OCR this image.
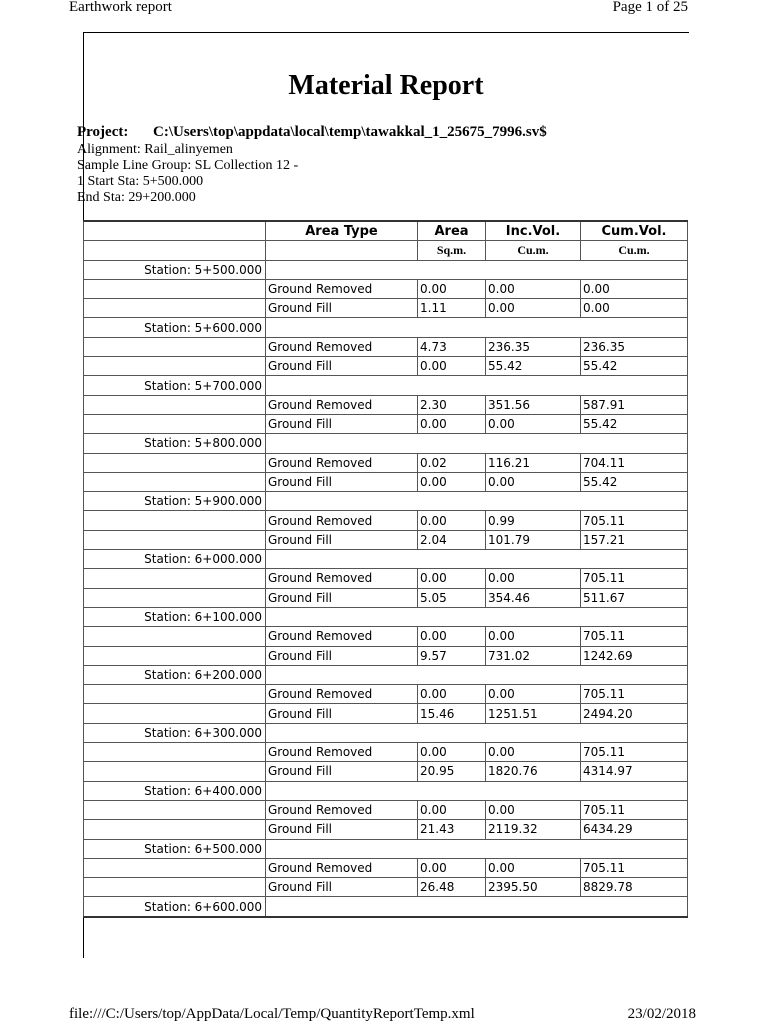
Earthwork report	Page 1 of 25
Material Report
Project: C:\Users\top\appdata\local\temp\tawakkal_1_25675_7996.sv$
Alignment: Rail_alinyemen
Sample Line Group: SL Collection 12 -
1 Start Sta: 5+500.000
End Sta: 29+200.000
	Area Type	Area	Inc.Vol.	Cum.Vol.
		Sq.m.	Cu.m.	Cu.m.
Station: 5+500.000				
	Ground Removed	0.00	0.00	0.00
	Ground Fill	1.11	0.00	0.00
Station: 5+600.000				
	Ground Removed	4.73	236.35	236.35
	Ground Fill	0.00	55.42	55.42
Station: 5+700.000				
	Ground Removed	2.30	351.56	587.91
	Ground Fill	0.00	0.00	55.42
Station: 5+800.000				
	Ground Removed	0.02	116.21	704.11
	Ground Fill	0.00	0.00	55.42
Station: 5+900.000				
	Ground Removed	0.00	0.99	705.11
	Ground Fill	2.04	101.79	157.21
Station: 6+000.000				
	Ground Removed	0.00	0.00	705.11
	Ground Fill	5.05	354.46	511.67
Station: 6+100.000				
	Ground Removed	0.00	0.00	705.11
	Ground Fill	9.57	731.02	1242.69
Station: 6+200.000				
	Ground Removed	0.00	0.00	705.11
	Ground Fill	15.46	1251.51	2494.20
Station: 6+300.000				
	Ground Removed	0.00	0.00	705.11
	Ground Fill	20.95	1820.76	4314.97
Station: 6+400.000				
	Ground Removed	0.00	0.00	705.11
	Ground Fill	21.43	2119.32	6434.29
Station: 6+500.000				
	Ground Removed	0.00	0.00	705.11
	Ground Fill	26.48	2395.50	8829.78
Station: 6+600.000				
file:///C:/Users/top/AppData/Local/Temp/QuantityReportTemp.xml	23/02/2018
